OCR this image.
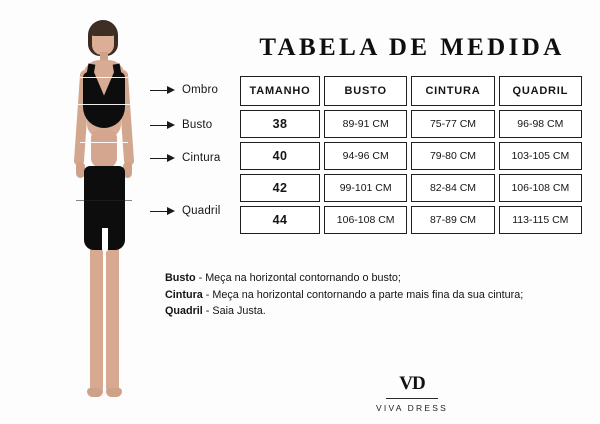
Ombro
Busto
Cintura
Quadril
TABELA DE MEDIDA
TAMANHO	BUSTO	CINTURA	QUADRIL
38	89-91 CM	75-77 CM	96-98 CM
40	94-96 CM	79-80 CM	103-105 CM
42	99-101 CM	82-84 CM	106-108 CM
44	106-108 CM	87-89 CM	113-115 CM
Busto - Meça na horizontal contornando o busto;
Cintura - Meça na horizontal contornando a parte mais fina da sua cintura;
Quadril - Saia Justa.
VD
VIVA DRESS
